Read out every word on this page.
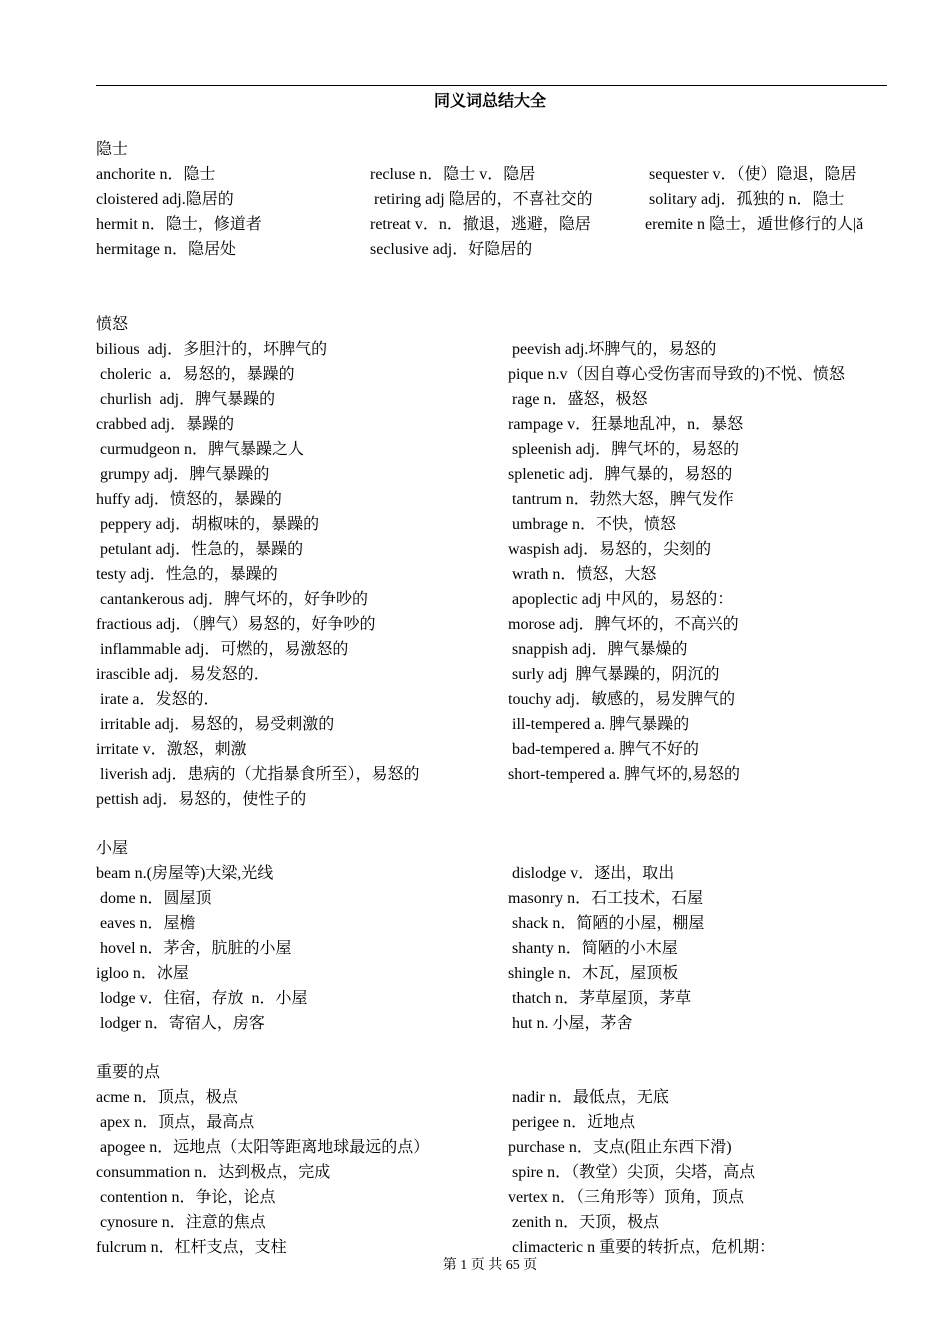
同义词总结大全
隐士
anchorite n．隐士	recluse n．隐士 v．隐居	sequester v．（使）隐退，隐居
cloistered adj.隐居的	retiring adj 隐居的，不喜社交的	solitary adj．孤独的 n．隐士
hermit n．隐士，修道者	retreat v．n．撤退，逃避，隐居	eremite n 隐士，遁世修行的人|ǎ
hermitage n．隐居处	seclusive adj．好隐居的
愤怒
bilious  adj．多胆汁的，坏脾气的	peevish adj.坏脾气的，易怒的
choleric  a．易怒的，暴躁的	pique n.v（因自尊心受伤害而导致的)不悦、愤怒
churlish  adj．脾气暴躁的	rage n．盛怒，极怒
crabbed adj．暴躁的	rampage v．狂暴地乱冲，n．暴怒
curmudgeon n．脾气暴躁之人	spleenish adj．脾气坏的，易怒的
grumpy adj．脾气暴躁的	splenetic adj．脾气暴的，易怒的
huffy adj．愤怒的，暴躁的	tantrum n．勃然大怒，脾气发作
peppery adj．胡椒味的，暴躁的	umbrage n．不快，愤怒
petulant adj．性急的，暴躁的	waspish adj．易怒的，尖刻的
testy adj．性急的，暴躁的	wrath n．愤怒，大怒
cantankerous adj．脾气坏的，好争吵的	apoplectic adj 中风的，易怒的：
fractious adj．（脾气）易怒的，好争吵的	morose adj．脾气坏的，不高兴的
inflammable adj．可燃的，易激怒的	snappish adj．脾气暴燥的
irascible adj．易发怒的．	surly adj  脾气暴躁的，阴沉的
irate a．发怒的．	touchy adj．敏感的，易发脾气的
irritable adj．易怒的，易受刺激的	ill-tempered a. 脾气暴躁的
irritate v．激怒，刺激	bad-tempered a. 脾气不好的
liverish adj．患病的（尤指暴食所至），易怒的	short-tempered a. 脾气坏的,易怒的
pettish adj．易怒的，使性子的
小屋
beam n.(房屋等)大梁,光线	dislodge v．逐出，取出
dome n．圆屋顶	masonry n．石工技术，石屋
eaves n．屋檐	shack n．简陋的小屋，棚屋
hovel n．茅舍，肮脏的小屋	shanty n．简陋的小木屋
igloo n．冰屋	shingle n．木瓦，屋顶板
lodge v．住宿，存放  n．小屋	thatch n．茅草屋顶，茅草
lodger n．寄宿人，房客	hut n. 小屋，茅舍
重要的点
acme n．顶点，极点	nadir n．最低点，无底
apex n．顶点，最高点	perigee n．近地点
apogee n．远地点（太阳等距离地球最远的点）	purchase n．支点(阻止东西下滑)
consummation n．达到极点，完成	spire n．（教堂）尖顶，尖塔，高点
contention n．争论，论点	vertex n．（三角形等）顶角，顶点
cynosure n．注意的焦点	zenith n．天顶，极点
fulcrum n．杠杆支点，支柱	climacteric n 重要的转折点，危机期：
第 1 页 共 65 页
